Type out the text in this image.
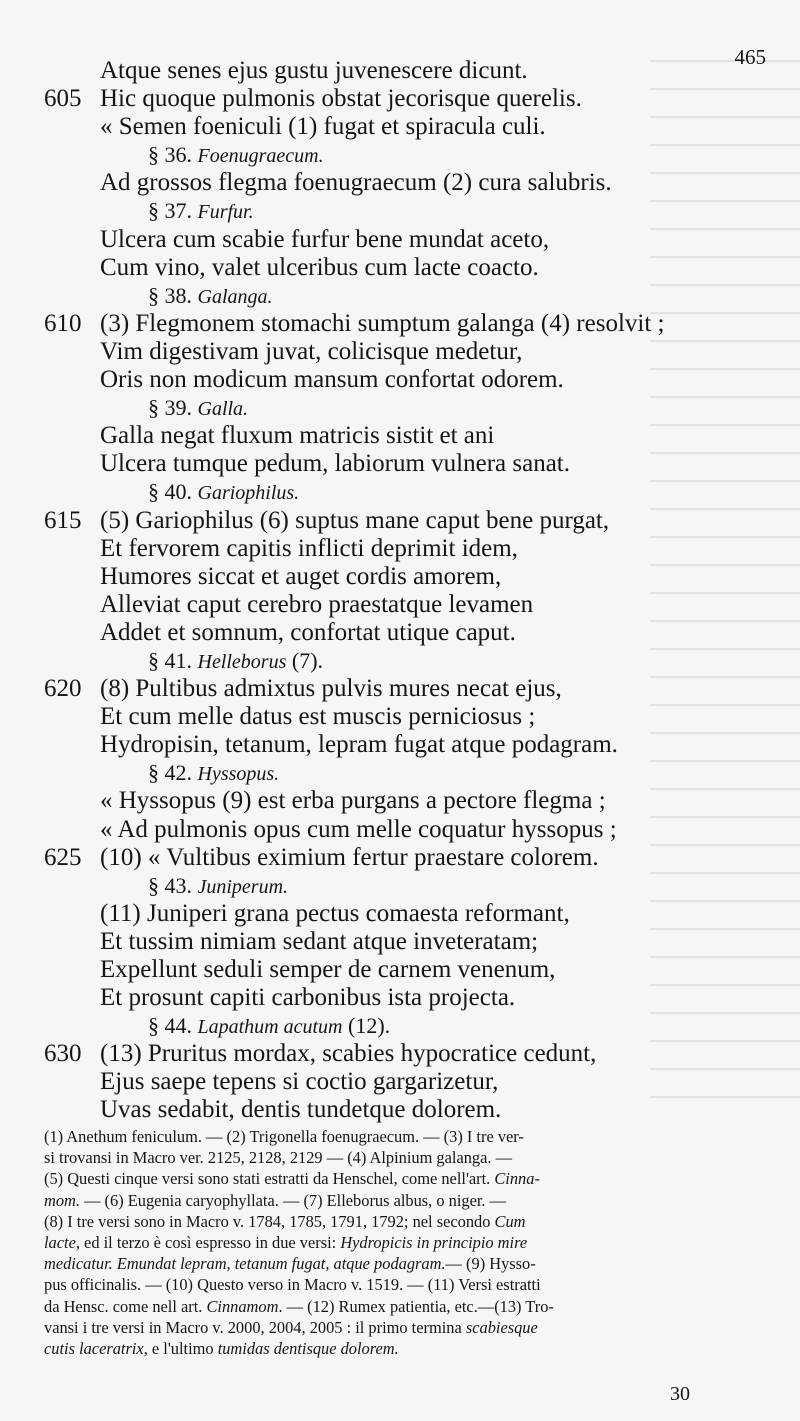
465
Atque senes ejus gustu juvenescere dicunt.
605 Hic quoque pulmonis obstat jecorisque querelis.
« Semen foeniculi (1) fugat et spiracula culi.
§ 36. Foenugraecum.
Ad grossos flegma foenugraecum (2) cura salubris.
§ 37. Furfur.
Ulcera cum scabie furfur bene mundat aceto,
Cum vino, valet ulceribus cum lacte coacto.
§ 38. Galanga.
610 (3) Flegmonem stomachi sumptum galanga (4) resolvit ;
Vim digestivam juvat, colicisque medetur,
Oris non modicum mansum confortat odorem.
§ 39. Galla.
Galla negat fluxum matricis sistit et ani
Ulcera tumque pedum, labiorum vulnera sanat.
§ 40. Gariophilus.
615 (5) Gariophilus (6) suptus mane caput bene purgat,
Et fervorem capitis inflicti deprimit idem,
Humores siccat et auget cordis amorem,
Alleviat caput cerebro praestatque levamen
Addet et somnum, confortat utique caput.
§ 41. Helleborus (7).
620 (8) Pultibus admixtus pulvis mures necat ejus,
Et cum melle datus est muscis perniciosus ;
Hydropisin, tetanum, lepram fugat atque podagram.
§ 42. Hyssopus.
« Hyssopus (9) est erba purgans a pectore flegma ;
« Ad pulmonis opus cum melle coquatur hyssopus ;
625 (10) « Vultibus eximium fertur praestare colorem.
§ 43. Juniperum.
(11) Juniperi grana pectus comaesta reformant,
Et tussim nimiam sedant atque inveteratam;
Expellunt seduli semper de carnem venenum,
Et prosunt capiti carbonibus ista projecta.
§ 44. Lapathum acutum (12).
630 (13) Pruritus mordax, scabies hypocratice cedunt,
Ejus saepe tepens si coctio gargarizetur,
Uvas sedabit, dentis tundetque dolorem.
(1) Anethum feniculum. — (2) Trigonella foenugraecum. — (3) I tre ver-
si trovansi in Macro ver. 2125, 2128, 2129 — (4) Alpinium galanga. —
(5) Questi cinque versi sono stati estratti da Henschel, come nell'art. Cinna-
mom. — (6) Eugenia caryophyllata. — (7) Elleborus albus, o niger. —
(8) I tre versi sono in Macro v. 1784, 1785, 1791, 1792; nel secondo Cum
lacte, ed il terzo è così espresso in due versi: Hydropicis in principio mire
medicatur. Emundat lepram, tetanum fugat, atque podagram.— (9) Hysso-
pus officinalis. — (10) Questo verso in Macro v. 1519. — (11) Versi estratti
da Hensc. come nell art. Cinnamom. — (12) Rumex patientia, etc.—(13) Tro-
vansi i tre versi in Macro v. 2000, 2004, 2005 : il primo termina scabiesque
cutis laceratrix, e l'ultimo tumidas dentisque dolorem.
30
